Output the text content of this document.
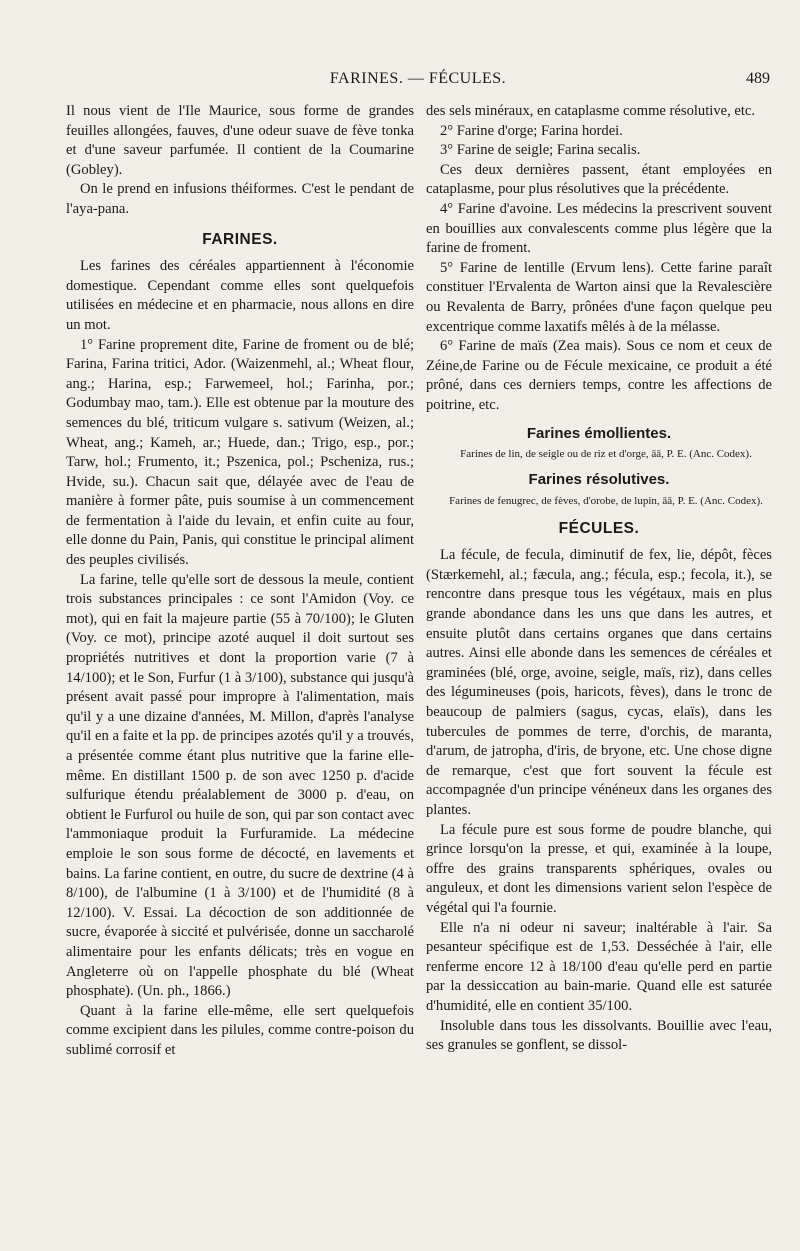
FARINES. — FÉCULES.	489

Il nous vient de l'Ile Maurice, sous forme de grandes feuilles allongées, fauves, d'une odeur suave de fève tonka et d'une saveur parfumée. Il contient de la Coumarine (Gobley).

On le prend en infusions théiformes. C'est le pendant de l'aya-pana.

FARINES.

Les farines des céréales appartiennent à l'économie domestique. Cependant comme elles sont quelquefois utilisées en médecine et en pharmacie, nous allons en dire un mot.

1° Farine proprement dite, Farine de froment ou de blé; Farina, Farina tritici, Ador. (Waizenmehl, al.; Wheat flour, ang.; Harina, esp.; Farwemeel, hol.; Farinha, por.; Godumbay mao, tam.). Elle est obtenue par la mouture des semences du blé, triticum vulgare s. sativum (Weizen, al.; Wheat, ang.; Kameh, ar.; Huede, dan.; Trigo, esp., por.; Tarw, hol.; Frumento, it.; Pszenica, pol.; Pscheniza, rus.; Hvide, su.). Chacun sait que, délayée avec de l'eau de manière à former pâte, puis soumise à un commencement de fermentation à l'aide du levain, et enfin cuite au four, elle donne du Pain, Panis, qui constitue le principal aliment des peuples civilisés.

La farine, telle qu'elle sort de dessous la meule, contient trois substances principales : ce sont l'Amidon (Voy. ce mot), qui en fait la majeure partie (55 à 70/100); le Gluten (Voy. ce mot), principe azoté auquel il doit surtout ses propriétés nutritives et dont la proportion varie (7 à 14/100); et le Son, Furfur (1 à 3/100), substance qui jusqu'à présent avait passé pour impropre à l'alimentation, mais qu'il y a une dizaine d'années, M. Millon, d'après l'analyse qu'il en a faite et la pp. de principes azotés qu'il y a trouvés, a présentée comme étant plus nutritive que la farine elle-même. En distillant 1500 p. de son avec 1250 p. d'acide sulfurique étendu préalablement de 3000 p. d'eau, on obtient le Furfurol ou huile de son, qui par son contact avec l'ammoniaque produit la Furfuramide. La médecine emploie le son sous forme de décocté, en lavements et bains. La farine contient, en outre, du sucre de dextrine (4 à 8/100), de l'albumine (1 à 3/100) et de l'humidité (8 à 12/100). V. Essai. La décoction de son additionnée de sucre, évaporée à siccité et pulvérisée, donne un saccharolé alimentaire pour les enfants délicats; très en vogue en Angleterre où on l'appelle phosphate du blé (Wheat phosphate). (Un. ph., 1866.)

Quant à la farine elle-même, elle sert quelquefois comme excipient dans les pilules, comme contre-poison du sublimé corrosif et

des sels minéraux, en cataplasme comme résolutive, etc.

2° Farine d'orge; Farina hordei.

3° Farine de seigle; Farina secalis.

Ces deux dernières passent, étant employées en cataplasme, pour plus résolutives que la précédente.

4° Farine d'avoine. Les médecins la prescrivent souvent en bouillies aux convalescents comme plus légère que la farine de froment.

5° Farine de lentille (Ervum lens). Cette farine paraît constituer l'Ervalenta de Warton ainsi que la Revalescière ou Revalenta de Barry, prônées d'une façon quelque peu excentrique comme laxatifs mêlés à de la mélasse.

6° Farine de maïs (Zea mais). Sous ce nom et ceux de Zéine,de Farine ou de Fécule mexicaine, ce produit a été prôné, dans ces derniers temps, contre les affections de poitrine, etc.

Farines émollientes.

Farines de lin, de seigle ou de riz et d'orge, āā, P. E. (Anc. Codex).

Farines résolutives.

Farines de fenugrec, de fèves, d'orobe, de lupin, āā, P. E. (Anc. Codex).

FÉCULES.

La fécule, de fecula, diminutif de fex, lie, dépôt, fèces (Stærkemehl, al.; fæcula, ang.; fécula, esp.; fecola, it.), se rencontre dans presque tous les végétaux, mais en plus grande abondance dans les uns que dans les autres, et ensuite plutôt dans certains organes que dans certains autres. Ainsi elle abonde dans les semences de céréales et graminées (blé, orge, avoine, seigle, maïs, riz), dans celles des légumineuses (pois, haricots, fèves), dans le tronc de beaucoup de palmiers (sagus, cycas, elaïs), dans les tubercules de pommes de terre, d'orchis, de maranta, d'arum, de jatropha, d'iris, de bryone, etc. Une chose digne de remarque, c'est que fort souvent la fécule est accompagnée d'un principe vénéneux dans les organes des plantes.

La fécule pure est sous forme de poudre blanche, qui grince lorsqu'on la presse, et qui, examinée à la loupe, offre des grains transparents sphériques, ovales ou anguleux, et dont les dimensions varient selon l'espèce de végétal qui l'a fournie.

Elle n'a ni odeur ni saveur; inaltérable à l'air. Sa pesanteur spécifique est de 1,53. Desséchée à l'air, elle renferme encore 12 à 18/100 d'eau qu'elle perd en partie par la dessiccation au bain-marie. Quand elle est saturée d'humidité, elle en contient 35/100.

Insoluble dans tous les dissolvants. Bouillie avec l'eau, ses granules se gonflent, se dissol-
